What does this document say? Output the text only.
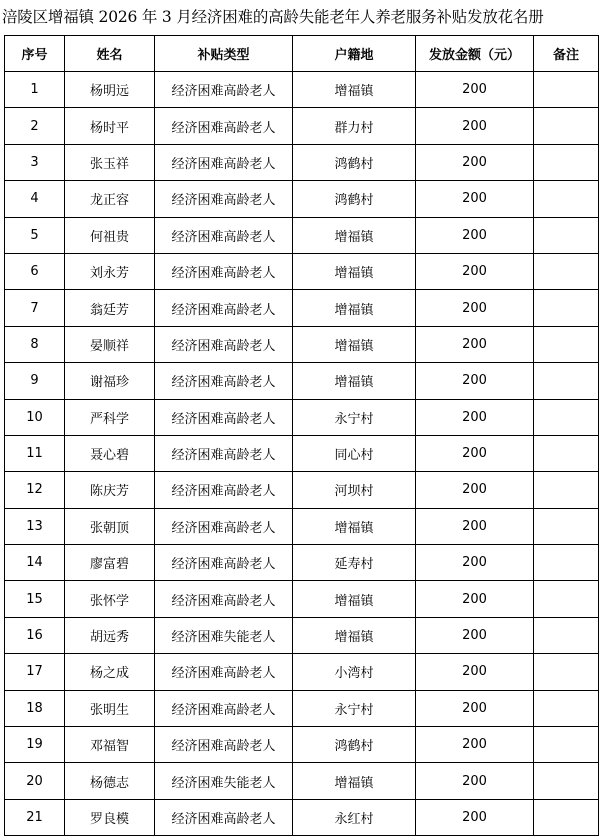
涪陵区增福镇 2026 年 3 月经济困难的高龄失能老年人养老服务补贴发放花名册
序号	姓名	补贴类型	户籍地	发放金额（元）	备注
1	杨明远	经济困难高龄老人	增福镇	200	
2	杨时平	经济困难高龄老人	群力村	200	
3	张玉祥	经济困难高龄老人	鸿鹤村	200	
4	龙正容	经济困难高龄老人	鸿鹤村	200	
5	何祖贵	经济困难高龄老人	增福镇	200	
6	刘永芳	经济困难高龄老人	增福镇	200	
7	翁廷芳	经济困难高龄老人	增福镇	200	
8	晏顺祥	经济困难高龄老人	增福镇	200	
9	谢福珍	经济困难高龄老人	增福镇	200	
10	严科学	经济困难高龄老人	永宁村	200	
11	聂心碧	经济困难高龄老人	同心村	200	
12	陈庆芳	经济困难高龄老人	河坝村	200	
13	张朝顶	经济困难高龄老人	增福镇	200	
14	廖富碧	经济困难高龄老人	延寿村	200	
15	张怀学	经济困难高龄老人	增福镇	200	
16	胡远秀	经济困难失能老人	增福镇	200	
17	杨之成	经济困难高龄老人	小湾村	200	
18	张明生	经济困难高龄老人	永宁村	200	
19	邓福智	经济困难高龄老人	鸿鹤村	200	
20	杨德志	经济困难失能老人	增福镇	200	
21	罗良模	经济困难高龄老人	永红村	200	
